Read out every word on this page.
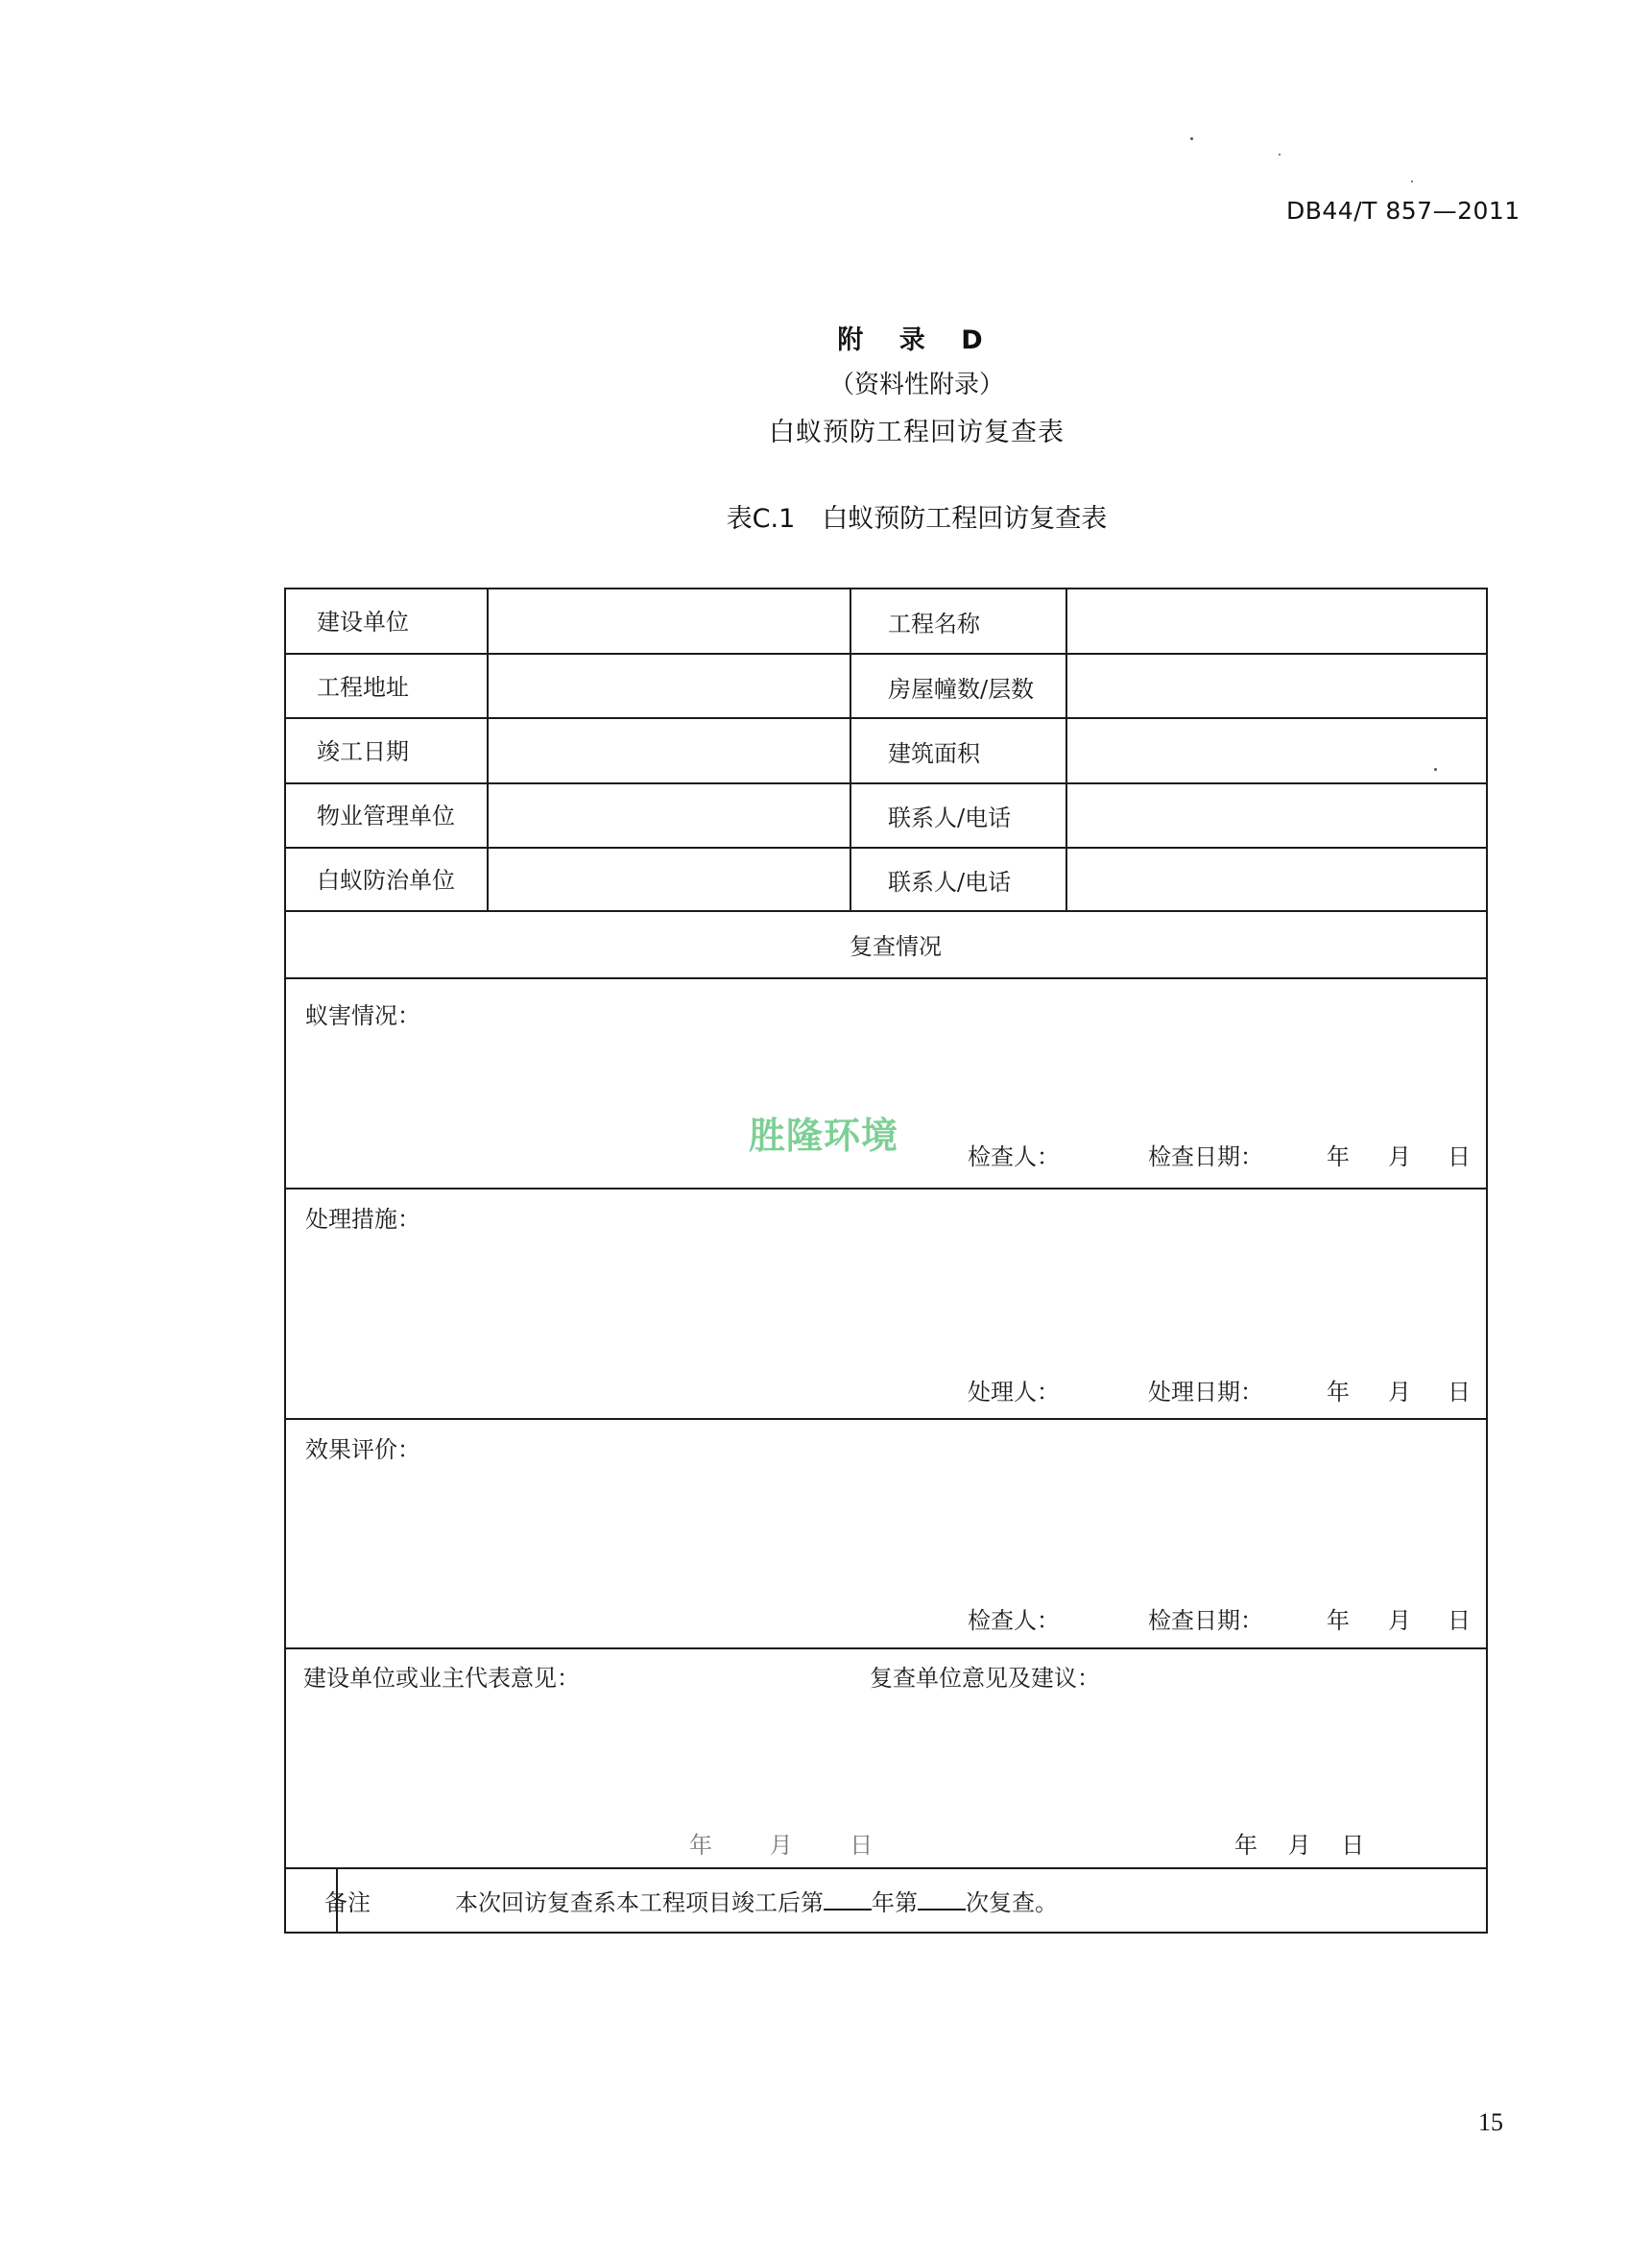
DB44/T 857—2011
附 录 D
（资料性附录）
白蚁预防工程回访复查表
表C.1 白蚁预防工程回访复查表
建设单位	工程名称
工程地址	房屋幢数/层数
竣工日期	建筑面积
物业管理单位	联系人/电话
白蚁防治单位	联系人/电话
复查情况
蚁害情况：
检查人：	检查日期：	年 月 日
胜隆环境
处理措施：
处理人：	处理日期：	年 月 日
效果评价：
检查人：	检查日期：	年 月 日
建设单位或业主代表意见：
年 月 日
复查单位意见及建议：
年 月 日
备注	本次回访复查系本工程项目竣工后第 年第 次复查。
15
